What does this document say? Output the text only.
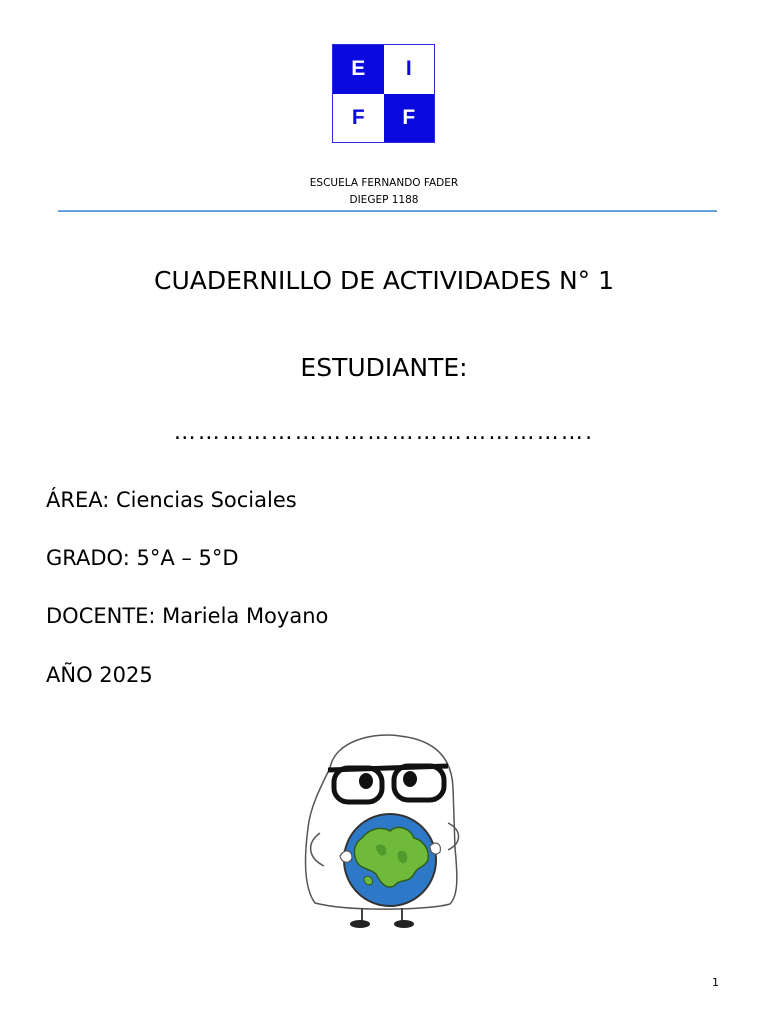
E	I
F	F
ESCUELA FERNANDO FADER
DIEGEP 1188
CUADERNILLO DE ACTIVIDADES N° 1
ESTUDIANTE:
…………………………………………….
ÁREA: Ciencias Sociales
GRADO: 5°A – 5°D
DOCENTE: Mariela Moyano
AÑO 2025
1
